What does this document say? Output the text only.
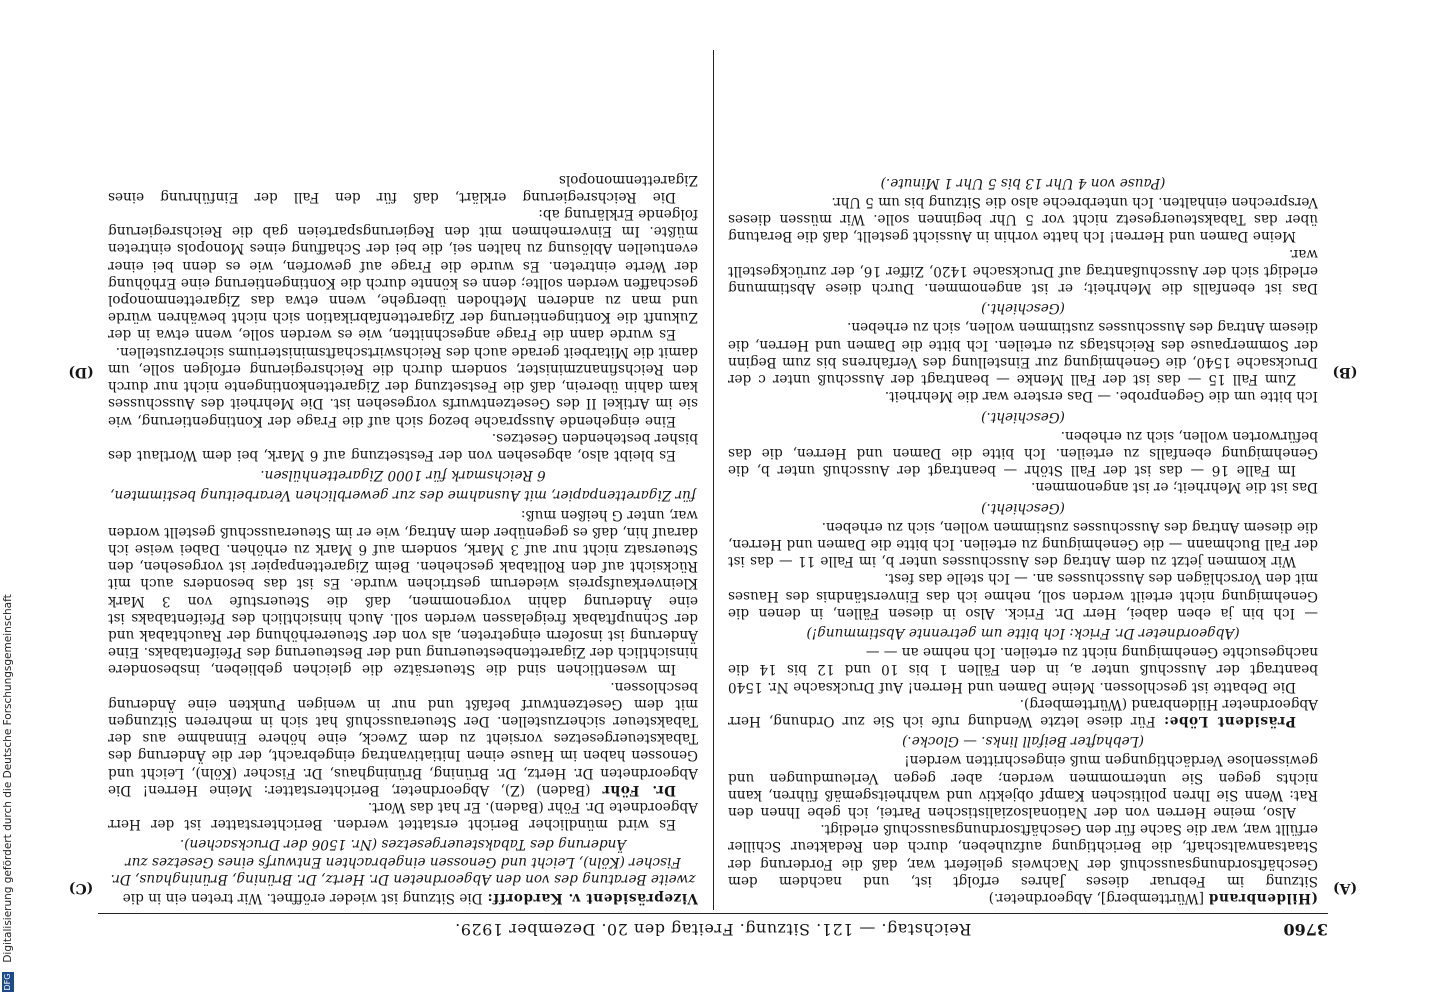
3760
Reichstag. — 121. Sitzung. Freitag den 20. Dezember 1929.
(A)
(B)
(C)
(D)

(Hildenbrand [Württemberg], Abgeordneter.)

Sitzung im Februar dieses Jahres erfolgt ist, und nachdem dem Geschäftsordnungsausschuß der Nachweis geliefert war, daß die Forderung der Staatsanwaltschaft, die Berichtigung aufzuheben, durch den Redakteur Schiller erfüllt war, war die Sache für den Geschäftsordnungsausschuß erledigt.

Also, meine Herren von der Nationalsozialistischen Partei, ich gebe Ihnen den Rat: Wenn Sie Ihren politischen Kampf objektiv und wahrheitsgemäß führen, kann nichts gegen Sie unternommen werden; aber gegen Verleumdungen und gewissenlose Verdächtigungen muß eingeschritten werden!

(Lebhafter Beifall links. — Glocke.)

Präsident Löbe: Für diese letzte Wendung rufe ich Sie zur Ordnung, Herr Abgeordneter Hildenbrand (Württemberg).

Die Debatte ist geschlossen. Meine Damen und Herren! Auf Drucksache Nr. 1540 beantragt der Ausschuß unter a, in den Fällen 1 bis 10 und 12 bis 14 die nachgesuchte Genehmigung nicht zu erteilen. Ich nehme an — —

(Abgeordneter Dr. Frick: Ich bitte um getrennte Abstimmung!)

— Ich bin ja eben dabei, Herr Dr. Frick. Also in diesen Fällen, in denen die Genehmigung nicht erteilt werden soll, nehme ich das Einverständnis des Hauses mit den Vorschlägen des Ausschusses an. — Ich stelle das fest.

Wir kommen jetzt zu dem Antrag des Ausschusses unter b, im Falle 11 — das ist der Fall Buchmann — die Genehmigung zu erteilen. Ich bitte die Damen und Herren, die diesem Antrag des Ausschusses zustimmen wollen, sich zu erheben.

(Geschieht.)

Das ist die Mehrheit; er ist angenommen.

Im Falle 16 — das ist der Fall Stöhr — beantragt der Ausschuß unter b, die Genehmigung ebenfalls zu erteilen. Ich bitte die Damen und Herren, die das befürworten wollen, sich zu erheben.

(Geschieht.)

Ich bitte um die Gegenprobe. — Das erstere war die Mehrheit.

Zum Fall 15 — das ist der Fall Menke — beantragt der Ausschuß unter c der Drucksache 1540, die Genehmigung zur Einstellung des Verfahrens bis zum Beginn der Sommerpause des Reichstags zu erteilen. Ich bitte die Damen und Herren, die diesem Antrag des Ausschusses zustimmen wollen, sich zu erheben.

(Geschieht.)

Das ist ebenfalls die Mehrheit; er ist angenommen. Durch diese Abstimmung erledigt sich der Ausschußantrag auf Drucksache 1420, Ziffer 16, der zurückgestellt war.

Meine Damen und Herren! Ich hatte vorhin in Aussicht gestellt, daß die Beratung über das Tabaksteuergesetz nicht vor 5 Uhr beginnen solle. Wir müssen dieses Versprechen einhalten. Ich unterbreche also die Sitzung bis um 5 Uhr.

(Pause von 4 Uhr 13 bis 5 Uhr 1 Minute.)

Vizepräsident v. Kardorff: Die Sitzung ist wieder eröffnet. Wir treten ein in die

zweite Beratung des von den Abgeordneten Dr. Hertz, Dr. Brüning, Brüninghaus, Dr. Fischer (Köln), Leicht und Genossen eingebrachten Entwurfs eines Gesetzes zur Änderung des Tabaksteuergesetzes (Nr. 1506 der Drucksachen).

Es wird mündlicher Bericht erstattet werden. Berichterstatter ist der Herr Abgeordnete Dr. Föhr (Baden). Er hat das Wort.

Dr. Föhr (Baden) (Z), Abgeordneter, Berichterstatter: Meine Herren! Die Abgeordneten Dr. Hertz, Dr. Brüning, Brüninghaus, Dr. Fischer (Köln), Leicht und Genossen haben im Hause einen Initiativantrag eingebracht, der die Änderung des Tabaksteuergesetzes vorsieht zu dem Zweck, eine höhere Einnahme aus der Tabaksteuer sicherzustellen. Der Steuerausschuß hat sich in mehreren Sitzungen mit dem Gesetzentwurf befaßt und nur in wenigen Punkten eine Änderung beschlossen.

Im wesentlichen sind die Steuersätze die gleichen geblieben, insbesondere hinsichtlich der Zigarettenbesteuerung und der Besteuerung des Pfeifentabaks. Eine Änderung ist insofern eingetreten, als von der Steuererhöhung der Rauchtabak und der Schnupftabak freigelassen werden soll. Auch hinsichtlich des Pfeifentabaks ist eine Änderung dahin vorgenommen, daß die Steuerstufe von 3 Mark Kleinverkaufspreis wiederum gestrichen wurde. Es ist das besonders auch mit Rücksicht auf den Rolltabak geschehen. Beim Zigarettenpapier ist vorgesehen, den Steuersatz nicht nur auf 3 Mark, sondern auf 6 Mark zu erhöhen. Dabei weise ich darauf hin, daß es gegenüber dem Antrag, wie er im Steuerausschuß gestellt worden war, unter G heißen muß:

für Zigarettenpapier, mit Ausnahme des zur gewerblichen Verarbeitung bestimmten,

6 Reichsmark für 1000 Zigarettenhülsen.

Es bleibt also, abgesehen von der Festsetzung auf 6 Mark, bei dem Wortlaut des bisher bestehenden Gesetzes.

Eine eingehende Aussprache bezog sich auf die Frage der Kontingentierung, wie sie im Artikel II des Gesetzentwurfs vorgesehen ist. Die Mehrheit des Ausschusses kam dahin überein, daß die Festsetzung der Zigarettenkontingente nicht nur durch den Reichsfinanzminister, sondern durch die Reichsregierung erfolgen solle, um damit die Mitarbeit gerade auch des Reichswirtschaftsministeriums sicherzustellen.

Es wurde dann die Frage angeschnitten, wie es werden solle, wenn etwa in der Zukunft die Kontingentierung der Zigarettenfabrikation sich nicht bewähren würde und man zu anderen Methoden übergehe, wenn etwa das Zigarettenmonopol geschaffen werden sollte; denn es könnte durch die Kontingentierung eine Erhöhung der Werte eintreten. Es wurde die Frage auf geworfen, wie es denn bei einer eventuellen Ablösung zu halten sei, die bei der Schaffung eines Monopols eintreten müßte. Im Einvernehmen mit den Regierungsparteien gab die Reichsregierung folgende Erklärung ab:

Die Reichsregierung erklärt, daß für den Fall der Einführung eines Zigarettenmonopols

DFG Digitalisierung gefördert durch die Deutsche Forschungsgemeinschaft
